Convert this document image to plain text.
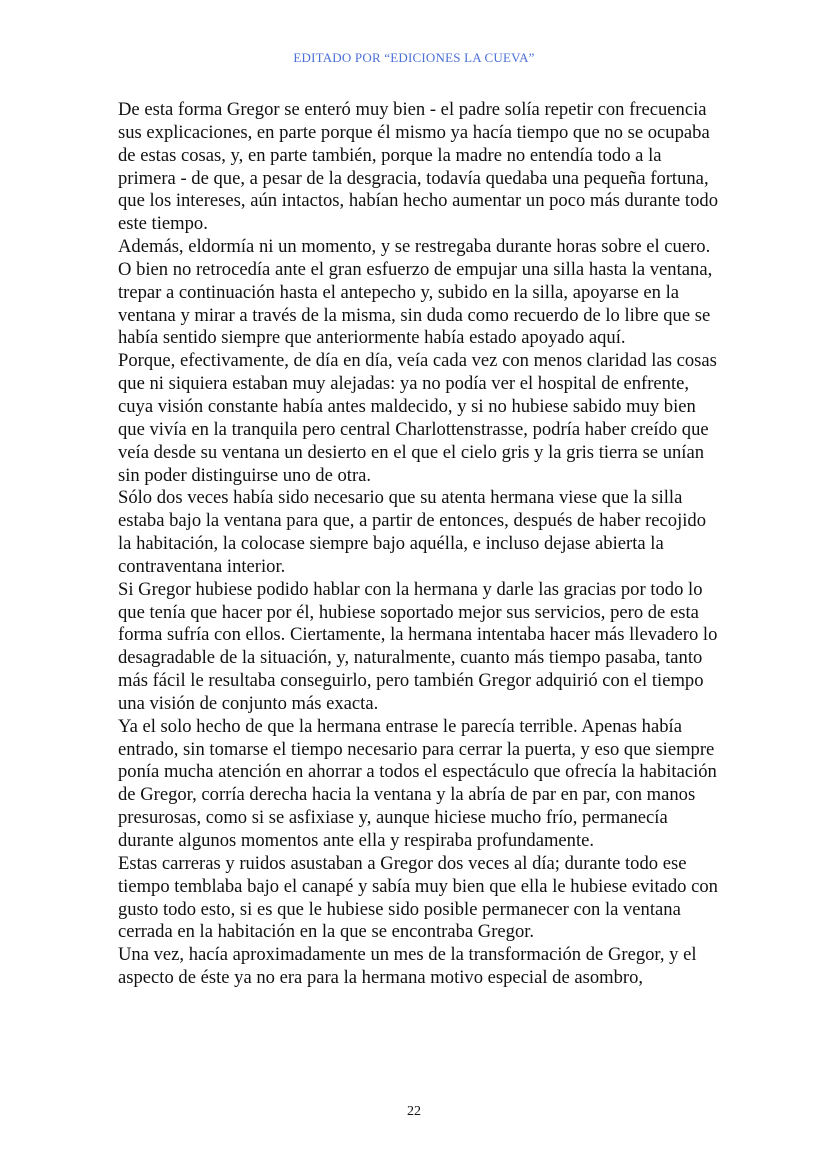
EDITADO POR “EDICIONES LA CUEVA”

De esta forma Gregor se enteró muy bien - el padre solía repetir con frecuencia sus explicaciones, en parte porque él mismo ya hacía tiempo que no se ocupaba de estas cosas, y, en parte también, porque la madre no entendía todo a la primera - de que, a pesar de la desgracia, todavía quedaba una pequeña fortuna, que los intereses, aún intactos, habían hecho aumentar un poco más durante todo este tiempo.

Además, eldormía ni un momento, y se restregaba durante horas sobre el cuero.

O bien no retrocedía ante el gran esfuerzo de empujar una silla hasta la ventana, trepar a continuación hasta el antepecho y, subido en la silla, apoyarse en la ventana y mirar a través de la misma, sin duda como recuerdo de lo libre que se había sentido siempre que anteriormente había estado apoyado aquí.

Porque, efectivamente, de día en día, veía cada vez con menos claridad las cosas que ni siquiera estaban muy alejadas: ya no podía ver el hospital de enfrente, cuya visión constante había antes maldecido, y si no hubiese sabido muy bien que vivía en la tranquila pero central Charlottenstrasse, podría haber creído que veía desde su ventana un desierto en el que el cielo gris y la gris tierra se unían sin poder distinguirse uno de otra.

Sólo dos veces había sido necesario que su atenta hermana viese que la silla estaba bajo la ventana para que, a partir de entonces, después de haber recojido la habitación, la colocase siempre bajo aquélla, e incluso dejase abierta la contraventana interior.

Si Gregor hubiese podido hablar con la hermana y darle las gracias por todo lo que tenía que hacer por él, hubiese soportado mejor sus servicios, pero de esta forma sufría con ellos. Ciertamente, la hermana intentaba hacer más llevadero lo desagradable de la situación, y, naturalmente, cuanto más tiempo pasaba, tanto más fácil le resultaba conseguirlo, pero también Gregor adquirió con el tiempo una visión de conjunto más exacta.

Ya el solo hecho de que la hermana entrase le parecía terrible. Apenas había entrado, sin tomarse el tiempo necesario para cerrar la puerta, y eso que siempre ponía mucha atención en ahorrar a todos el espectáculo que ofrecía la habitación de Gregor, corría derecha hacia la ventana y la abría de par en par, con manos presurosas, como si se asfixiase y, aunque hiciese mucho frío, permanecía durante algunos momentos ante ella y respiraba profundamente.

Estas carreras y ruidos asustaban a Gregor dos veces al día; durante todo ese tiempo temblaba bajo el canapé y sabía muy bien que ella le hubiese evitado con gusto todo esto, si es que le hubiese sido posible permanecer con la ventana cerrada en la habitación en la que se encontraba Gregor.

Una vez, hacía aproximadamente un mes de la transformación de Gregor, y el aspecto de éste ya no era para la hermana motivo especial de asombro,

22
